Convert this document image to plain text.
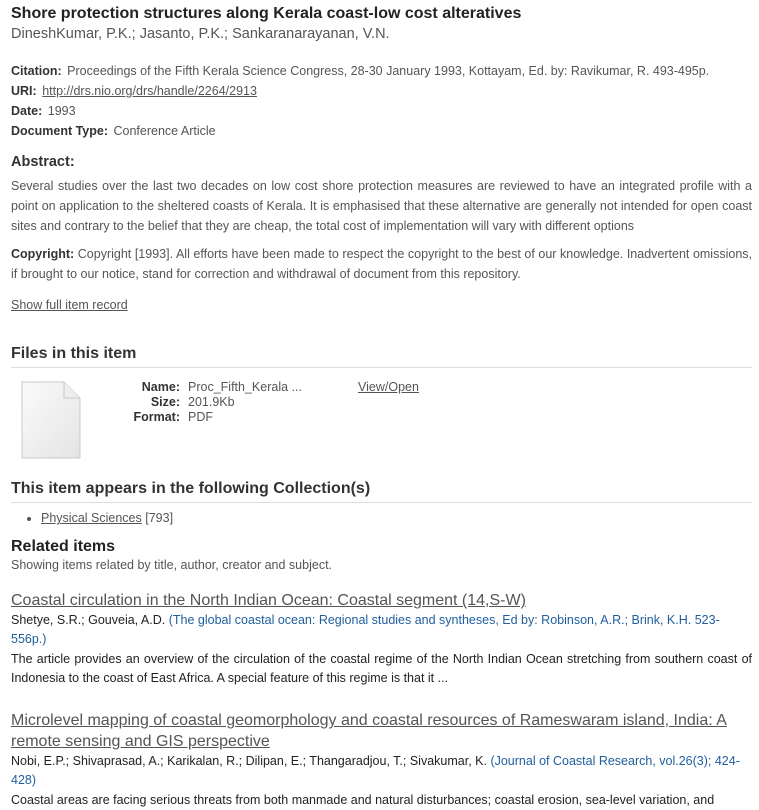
Shore protection structures along Kerala coast-low cost alteratives
DineshKumar, P.K.; Jasanto, P.K.; Sankaranarayanan, V.N.
Citation: Proceedings of the Fifth Kerala Science Congress, 28-30 January 1993, Kottayam, Ed. by: Ravikumar, R. 493-495p.
URI: http://drs.nio.org/drs/handle/2264/2913
Date: 1993
Document Type: Conference Article
Abstract:
Several studies over the last two decades on low cost shore protection measures are reviewed to have an integrated profile with a point on application to the sheltered coasts of Kerala. It is emphasised that these alternative are generally not intended for open coast sites and contrary to the belief that they are cheap, the total cost of implementation will vary with different options
Copyright: Copyright [1993]. All efforts have been made to respect the copyright to the best of our knowledge. Inadvertent omissions, if brought to our notice, stand for correction and withdrawal of document from this repository.
Show full item record
Files in this item
Name: Proc_Fifth_Kerala ...
Size: 201.9Kb
Format: PDF
View/Open
This item appears in the following Collection(s)
• Physical Sciences [793]
Related items
Showing items related by title, author, creator and subject.
Coastal circulation in the North Indian Ocean: Coastal segment (14,S-W)
Shetye, S.R.; Gouveia, A.D. (The global coastal ocean: Regional studies and syntheses, Ed by: Robinson, A.R.; Brink, K.H. 523-556p.)
The article provides an overview of the circulation of the coastal regime of the North Indian Ocean stretching from southern coast of Indonesia to the coast of East Africa. A special feature of this regime is that it ...
Microlevel mapping of coastal geomorphology and coastal resources of Rameswaram island, India: A remote sensing and GIS perspective
Nobi, E.P.; Shivaprasad, A.; Karikalan, R.; Dilipan, E.; Thangaradjou, T.; Sivakumar, K. (Journal of Coastal Research, vol.26(3); 424-428)
Coastal areas are facing serious threats from both manmade and natural disturbances; coastal erosion, sea-level variation, and
